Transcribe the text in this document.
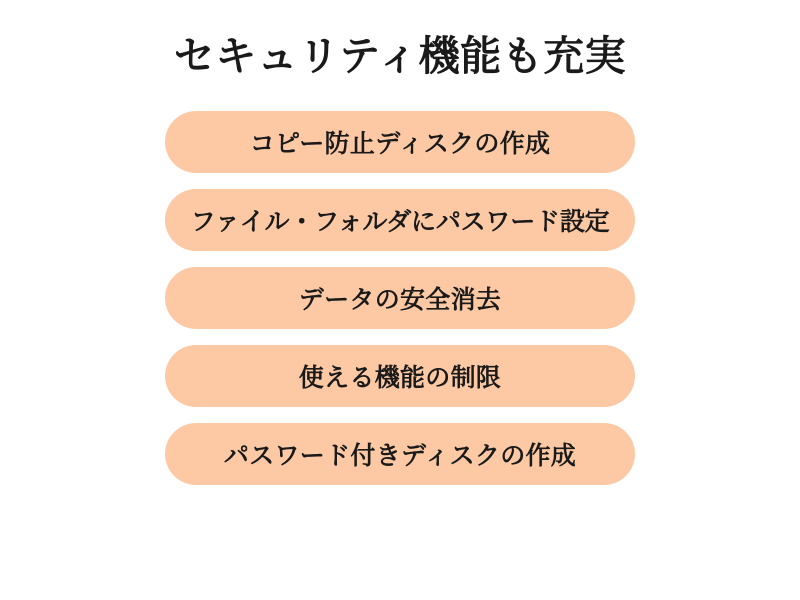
セキュリティ機能も充実
コピー防止ディスクの作成
ファイル・フォルダにパスワード設定
データの安全消去
使える機能の制限
パスワード付きディスクの作成
